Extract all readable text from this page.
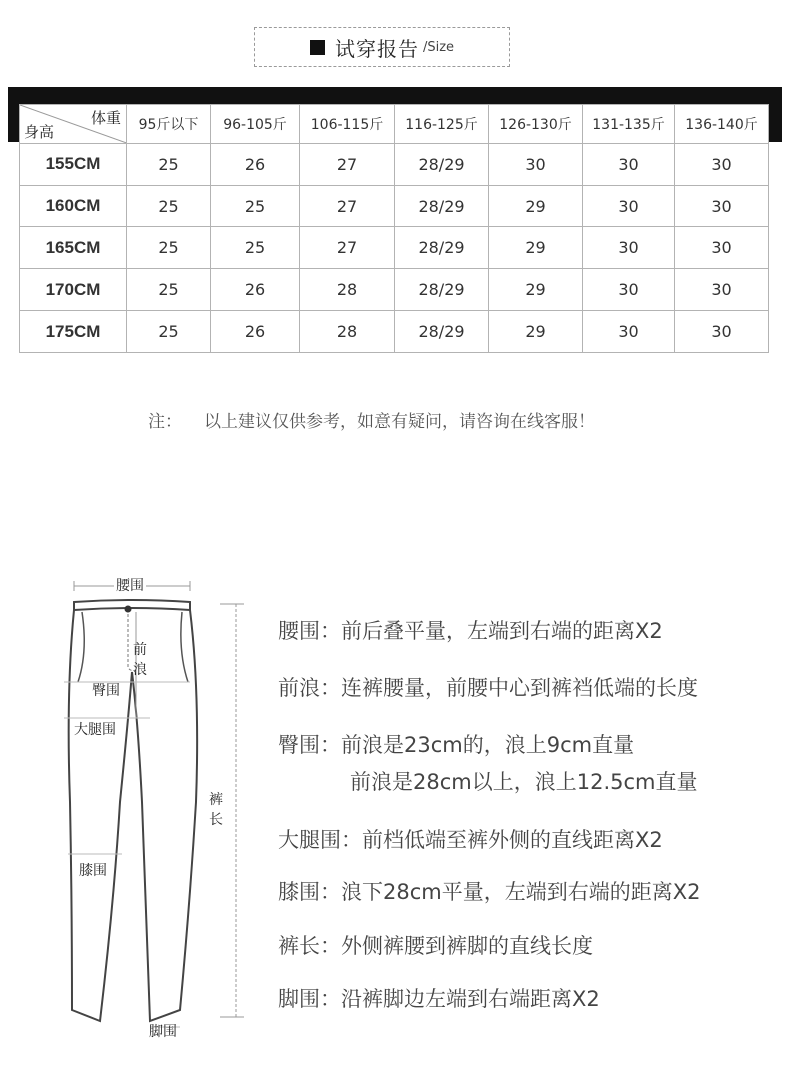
试穿报告 /Size
体重
身高	95斤以下	96-105斤	106-115斤	116-125斤	126-130斤	131-135斤	136-140斤
155CM	25	26	27	28/29	30	30	30
160CM	25	25	27	28/29	29	30	30
165CM	25	25	27	28/29	29	30	30
170CM	25	26	28	28/29	29	30	30
175CM	25	26	28	28/29	29	30	30
注： 以上建议仅供参考，如意有疑问，请咨询在线客服！
腰围
前
浪
臀围
大腿围
膝围
裤
长
脚围
腰围：前后叠平量，左端到右端的距离X2
前浪：连裤腰量，前腰中心到裤裆低端的长度
臀围：前浪是23cm的，浪上9cm直量
前浪是28cm以上，浪上12.5cm直量
大腿围：前档低端至裤外侧的直线距离X2
膝围：浪下28cm平量，左端到右端的距离X2
裤长：外侧裤腰到裤脚的直线长度
脚围：沿裤脚边左端到右端距离X2
